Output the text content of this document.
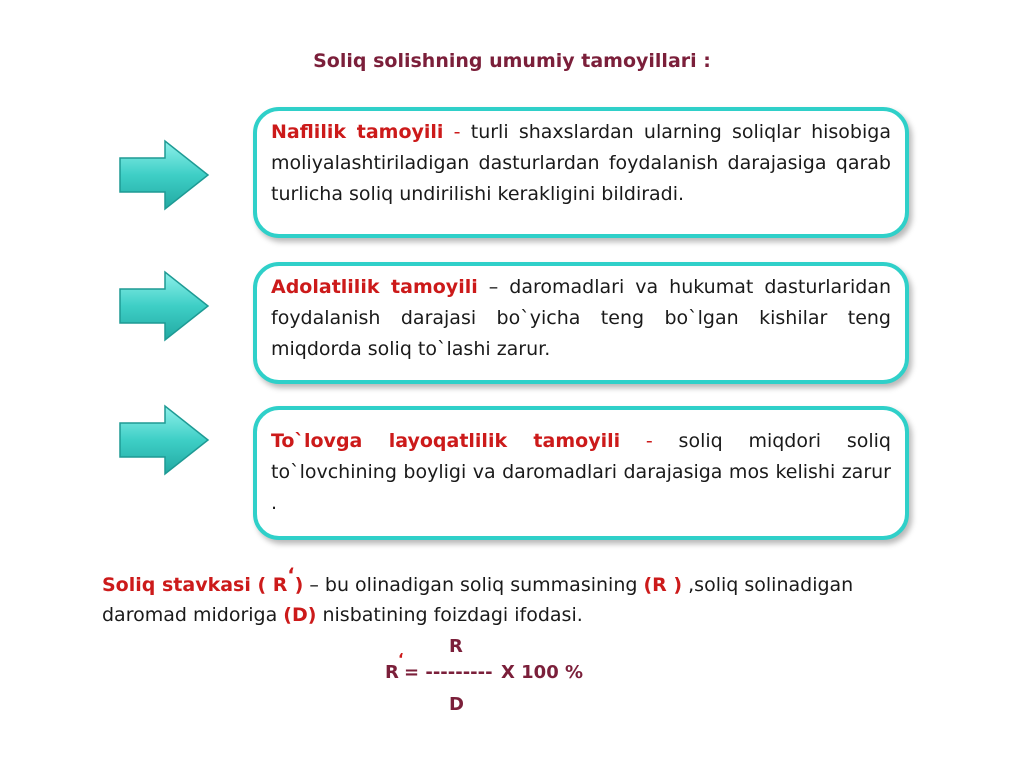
Soliq solishning umumiy tamoyillari :

Naflilik tamoyili - turli shaxslardan ularning soliqlar hisobiga moliyalashtiriladigan dasturlardan foydalanish darajasiga qarab turlicha soliq undirilishi kerakligini bildiradi.

Adolatlilik tamoyili – daromadlari va hukumat dasturlaridan foydalanish darajasi bo`yicha teng bo`lgan kishilar teng miqdorda soliq to`lashi zarur.

To`lovga layoqatlilik tamoyili - soliq miqdori soliq to`lovchining boyligi va daromadlari darajasiga mos kelishi zarur .

Soliq stavkasi ( R‘) – bu olinadigan soliq summasining (R ) ,soliq solinadigan daromad midoriga (D) nisbatining foizdagi ifodasi.
R
‘
R = --------- X 100 %
D
